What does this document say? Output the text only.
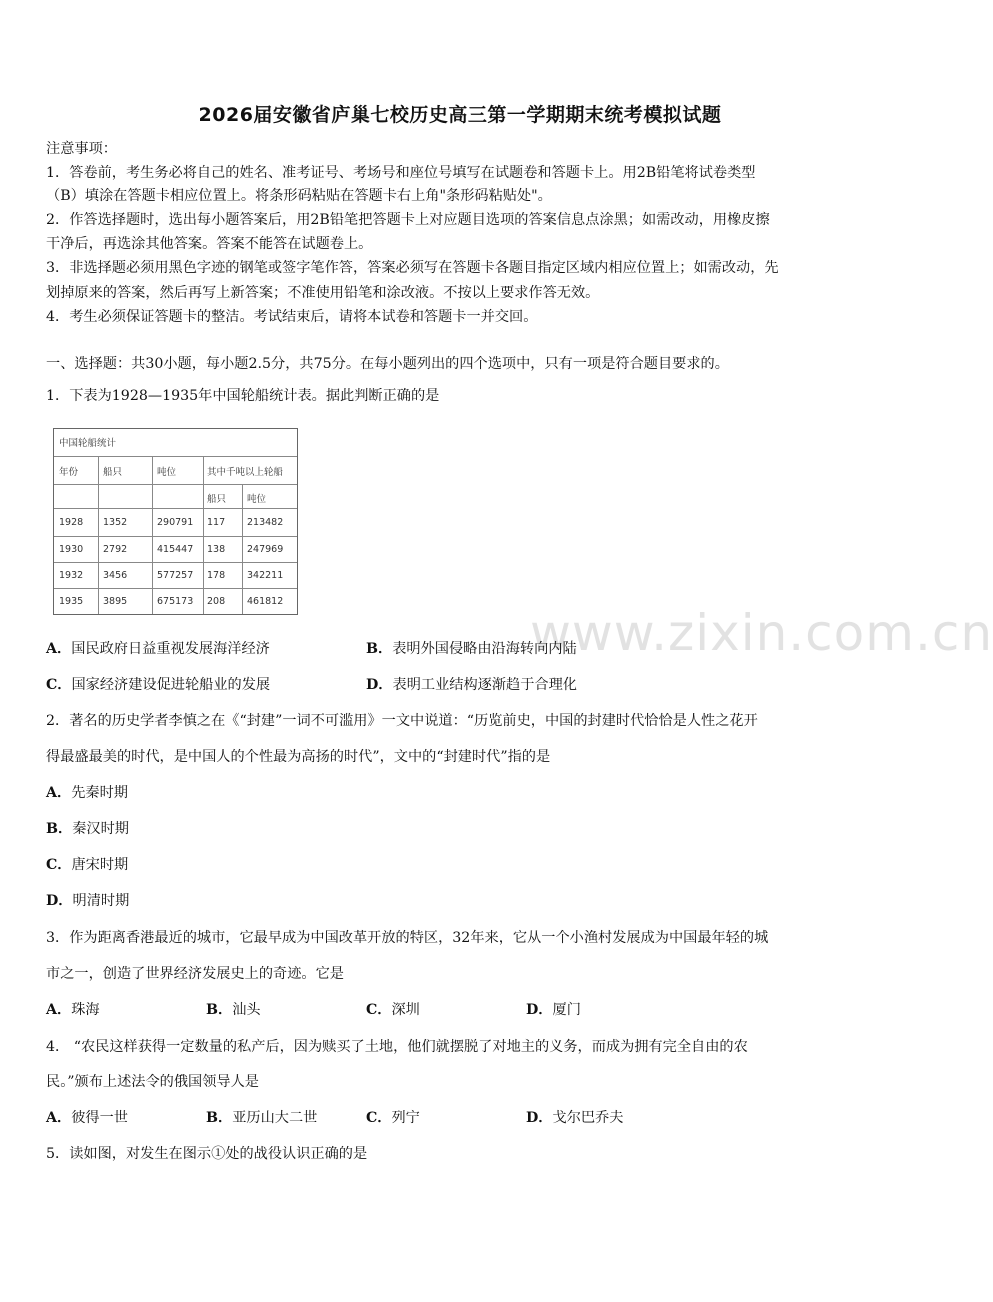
2026届安徽省庐巢七校历史高三第一学期期末统考模拟试题
注意事项：
1．答卷前，考生务必将自己的姓名、准考证号、考场号和座位号填写在试题卷和答题卡上。用2B铅笔将试卷类型
（B）填涂在答题卡相应位置上。将条形码粘贴在答题卡右上角"条形码粘贴处"。
2．作答选择题时，选出每小题答案后，用2B铅笔把答题卡上对应题目选项的答案信息点涂黑；如需改动，用橡皮擦
干净后，再选涂其他答案。答案不能答在试题卷上。
3．非选择题必须用黑色字迹的钢笔或签字笔作答，答案必须写在答题卡各题目指定区域内相应位置上；如需改动，先
划掉原来的答案，然后再写上新答案；不准使用铅笔和涂改液。不按以上要求作答无效。
4．考生必须保证答题卡的整洁。考试结束后，请将本试卷和答题卡一并交回。
一、选择题：共30小题，每小题2.5分，共75分。在每小题列出的四个选项中，只有一项是符合题目要求的。
1．下表为1928—1935年中国轮船统计表。据此判断正确的是
中国轮船统计
年份	船只	吨位	其中千吨以上轮船
船只 吨位
1928 1352	290791 117 213482
1930 2792	415447 138 247969
1932 3456	577257 178 342211
1935 3895	675173 208 461812
www.zixin.com.cn
A．国民政府日益重视发展海洋经济	B．表明外国侵略由沿海转向内陆
C．国家经济建设促进轮船业的发展	D．表明工业结构逐渐趋于合理化
2．著名的历史学者李慎之在《“封建”一词不可滥用》一文中说道：“历览前史，中国的封建时代恰恰是人性之花开
得最盛最美的时代，是中国人的个性最为高扬的时代”，文中的“封建时代”指的是
A．先秦时期
B．秦汉时期
C．唐宋时期
D．明清时期
3．作为距离香港最近的城市，它最早成为中国改革开放的特区，32年来，它从一个小渔村发展成为中国最年轻的城
市之一，创造了世界经济发展史上的奇迹。它是
A．珠海	B．汕头	C．深圳	D．厦门
4． “农民这样获得一定数量的私产后，因为赎买了土地，他们就摆脱了对地主的义务，而成为拥有完全自由的农
民。”颁布上述法令的俄国领导人是
A．彼得一世	B．亚历山大二世	C．列宁	D．戈尔巴乔夫
5．读如图，对发生在图示①处的战役认识正确的是
